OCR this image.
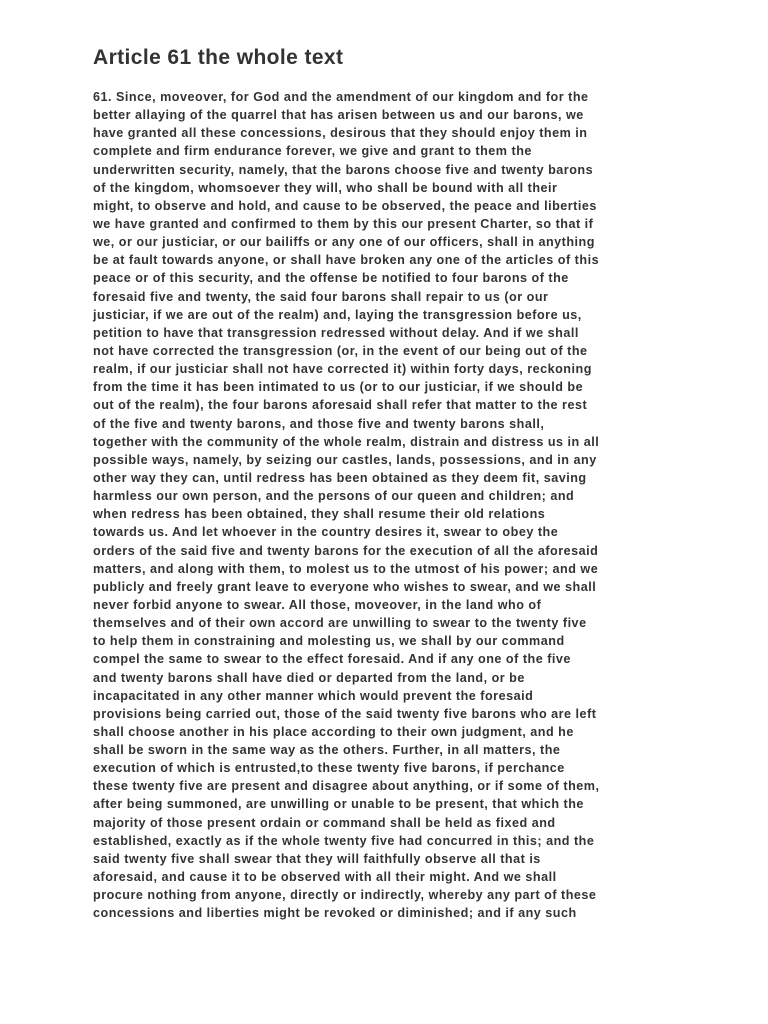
Article 61 the whole text
61. Since, moveover, for God and the amendment of our kingdom and for the
better allaying of the quarrel that has arisen between us and our barons, we
have granted all these concessions, desirous that they should enjoy them in
complete and firm endurance forever, we give and grant to them the
underwritten security, namely, that the barons choose five and twenty barons
of the kingdom, whomsoever they will, who shall be bound with all their
might, to observe and hold, and cause to be observed, the peace and liberties
we have granted and confirmed to them by this our present Charter, so that if
we, or our justiciar, or our bailiffs or any one of our officers, shall in anything
be at fault towards anyone, or shall have broken any one of the articles of this
peace or of this security, and the offense be notified to four barons of the
foresaid five and twenty, the said four barons shall repair to us (or our
justiciar, if we are out of the realm) and, laying the transgression before us,
petition to have that transgression redressed without delay. And if we shall
not have corrected the transgression (or, in the event of our being out of the
realm, if our justiciar shall not have corrected it) within forty days, reckoning
from the time it has been intimated to us (or to our justiciar, if we should be
out of the realm), the four barons aforesaid shall refer that matter to the rest
of the five and twenty barons, and those five and twenty barons shall,
together with the community of the whole realm, distrain and distress us in all
possible ways, namely, by seizing our castles, lands, possessions, and in any
other way they can, until redress has been obtained as they deem fit, saving
harmless our own person, and the persons of our queen and children; and
when redress has been obtained, they shall resume their old relations
towards us. And let whoever in the country desires it, swear to obey the
orders of the said five and twenty barons for the execution of all the aforesaid
matters, and along with them, to molest us to the utmost of his power; and we
publicly and freely grant leave to everyone who wishes to swear, and we shall
never forbid anyone to swear. All those, moveover, in the land who of
themselves and of their own accord are unwilling to swear to the twenty five
to help them in constraining and molesting us, we shall by our command
compel the same to swear to the effect foresaid. And if any one of the five
and twenty barons shall have died or departed from the land, or be
incapacitated in any other manner which would prevent the foresaid
provisions being carried out, those of the said twenty five barons who are left
shall choose another in his place according to their own judgment, and he
shall be sworn in the same way as the others. Further, in all matters, the
execution of which is entrusted,to these twenty five barons, if perchance
these twenty five are present and disagree about anything, or if some of them,
after being summoned, are unwilling or unable to be present, that which the
majority of those present ordain or command shall be held as fixed and
established, exactly as if the whole twenty five had concurred in this; and the
said twenty five shall swear that they will faithfully observe all that is
aforesaid, and cause it to be observed with all their might. And we shall
procure nothing from anyone, directly or indirectly, whereby any part of these
concessions and liberties might be revoked or diminished; and if any such
